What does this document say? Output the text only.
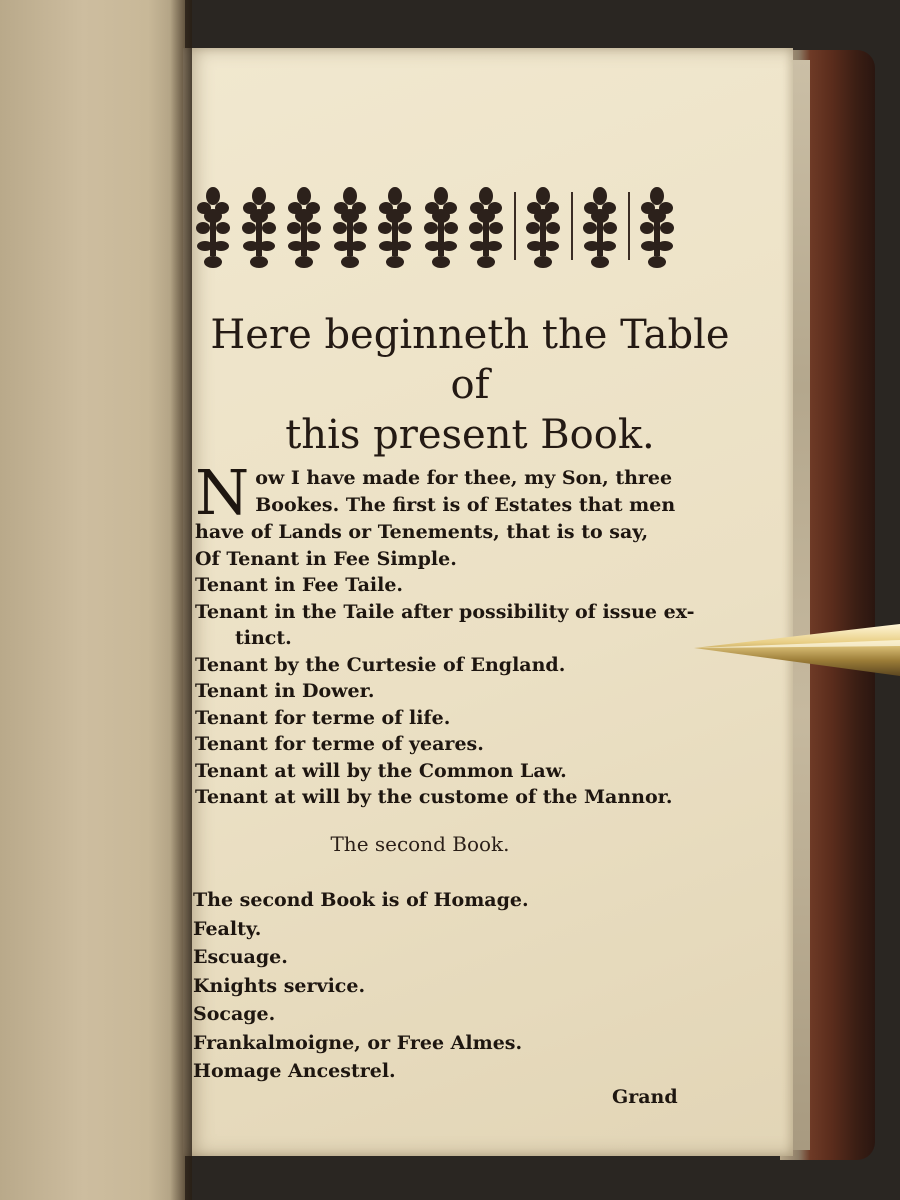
Here beginneth the Table of
this present Book.
N ow I have made for thee, my Son, three
Bookes. The first is of Estates that men
have of Lands or Tenements, that is to say,
Of Tenant in Fee Simple.
Tenant in Fee Taile.
Tenant in the Taile after possibility of issue ex-
tinct.
Tenant by the Curtesie of England.
Tenant in Dower.
Tenant for terme of life.
Tenant for terme of yeares.
Tenant at will by the Common Law.
Tenant at will by the custome of the Mannor.
The second Book.
The second Book is of Homage.
Fealty.
Escuage.
Knights service.
Socage.
Frankalmoigne, or Free Almes.
Homage Ancestrel.
Grand
